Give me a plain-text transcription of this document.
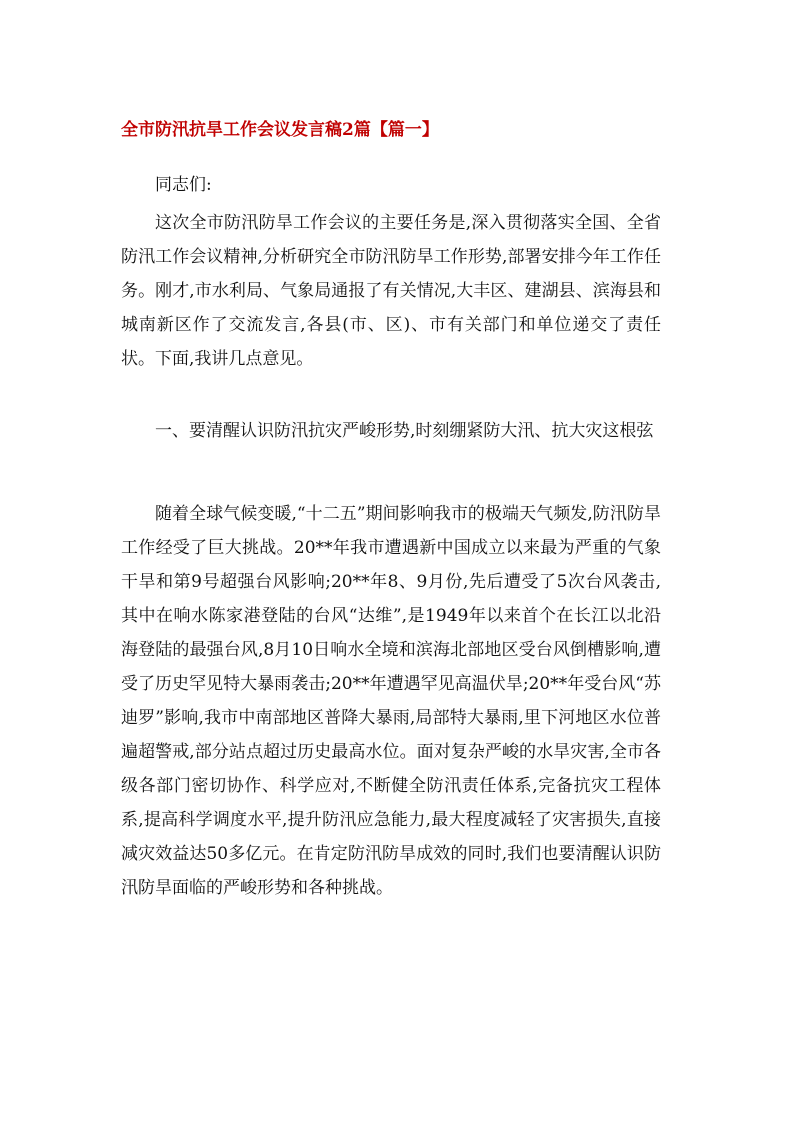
全市防汛抗旱工作会议发言稿2篇【篇一】
同志们:

这次全市防汛防旱工作会议的主要任务是,深入贯彻落实全国、全省防汛工作会议精神,分析研究全市防汛防旱工作形势,部署安排今年工作任务。刚才,市水利局、气象局通报了有关情况,大丰区、建湖县、滨海县和城南新区作了交流发言,各县(市、区)、市有关部门和单位递交了责任状。下面,我讲几点意见。

一、要清醒认识防汛抗灾严峻形势,时刻绷紧防大汛、抗大灾这根弦

随着全球气候变暖,“十二五”期间影响我市的极端天气频发,防汛防旱工作经受了巨大挑战。20**年我市遭遇新中国成立以来最为严重的气象干旱和第9号超强台风影响;20**年8、9月份,先后遭受了5次台风袭击,其中在响水陈家港登陆的台风“达维”,是1949年以来首个在长江以北沿海登陆的最强台风,8月10日响水全境和滨海北部地区受台风倒槽影响,遭受了历史罕见特大暴雨袭击;20**年遭遇罕见高温伏旱;20**年受台风“苏迪罗”影响,我市中南部地区普降大暴雨,局部特大暴雨,里下河地区水位普遍超警戒,部分站点超过历史最高水位。面对复杂严峻的水旱灾害,全市各级各部门密切协作、科学应对,不断健全防汛责任体系,完备抗灾工程体系,提高科学调度水平,提升防汛应急能力,最大程度减轻了灾害损失,直接减灾效益达50多亿元。在肯定防汛防旱成效的同时,我们也要清醒认识防汛防旱面临的严峻形势和各种挑战。
